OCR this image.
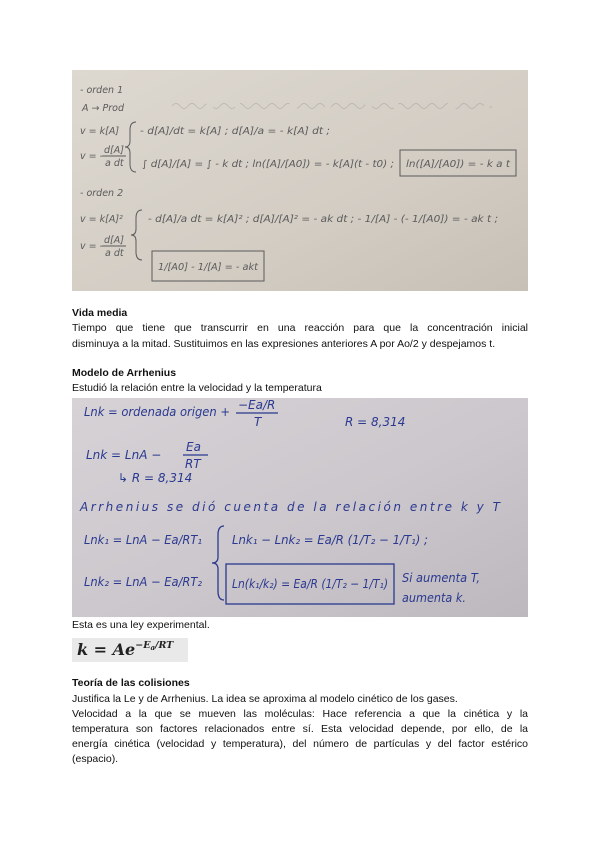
- orden 1
A → Prod
v = k[A]
v = -
d[A]
a dt
- d[A]/dt = k[A] ; d[A]/a = - k[A] dt ;
∫ d[A]/[A] = ∫ - k dt ; ln([A]/[A0]) = - k[A](t - t0) ; ln([A]/[A0]) = - k a t
- orden 2
v = k[A]²
v = -
d[A]
a dt
- d[A]/a dt = k[A]² ; d[A]/[A]² = - ak dt ; - 1/[A] - (- 1/[A0]) = - ak t ;
1/[A0] - 1/[A] = - akt
Vida media
Tiempo que tiene que transcurrir en una reacción para que la concentración inicial
disminuya a la mitad. Sustituimos en las expresiones anteriores A por Ao/2 y despejamos t.
Modelo de Arrhenius
Estudió la relación entre la velocidad y la temperatura
Lnk = ordenada origen + −Ea/R
T	R = 8,314
Lnk = LnA −
Ea
RT
↳ R = 8,314
Arrhenius se dió cuenta de la relación entre k y T
Lnk₁ = LnA − Ea/RT₁
Lnk₂ = LnA − Ea/RT₂
Lnk₁ − Lnk₂ = Ea/R (1/T₂ − 1/T₁) ;
Ln(k₁/k₂) = Ea/R (1/T₂ − 1/T₁) Si aumenta T,
aumenta k.
Esta es una ley experimental.
$k = Ae^{-E_a/RT}$
Teoría de las colisiones
Justifica la Le y de Arrhenius. La idea se aproxima al modelo cinético de los gases.
Velocidad a la que se mueven las moléculas: Hace referencia a que la cinética y la
temperatura son factores relacionados entre sí. Esta velocidad depende, por ello, de la
energía cinética (velocidad y temperatura), del número de partículas y del factor estérico
(espacio).
